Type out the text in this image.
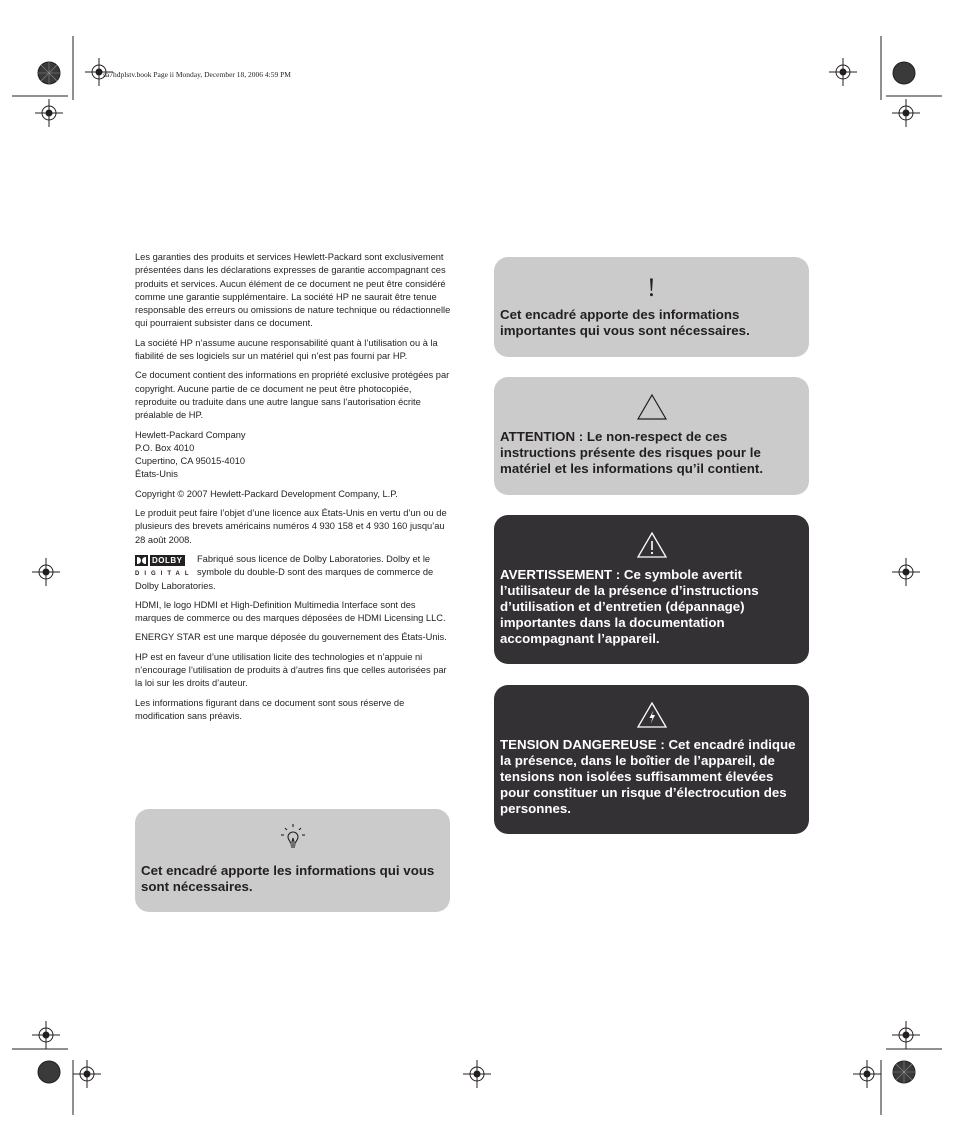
sa7hdplstv.book Page ii Monday, December 18, 2006 4:59 PM

Les garanties des produits et services Hewlett-Packard sont exclusivement présentées dans les déclarations expresses de garantie accompagnant ces produits et services. Aucun élément de ce document ne peut être considéré comme une garantie supplémentaire. La société HP ne saurait être tenue responsable des erreurs ou omissions de nature technique ou rédactionnelle qui pourraient subsister dans ce document.

La société HP n’assume aucune responsabilité quant à l’utilisation ou à la fiabilité de ses logiciels sur un matériel qui n’est pas fourni par HP.

Ce document contient des informations en propriété exclusive protégées par copyright. Aucune partie de ce document ne peut être photocopiée, reproduite ou traduite dans une autre langue sans l’autorisation écrite préalable de HP.

Hewlett-Packard Company
P.O. Box 4010
Cupertino, CA 95015-4010
États-Unis

Copyright © 2007 Hewlett-Packard Development Company, L.P.

Le produit peut faire l’objet d’une licence aux États-Unis en vertu d’un ou de plusieurs des brevets américains numéros 4 930 158 et 4 930 160 jusqu’au 28 août 2008.

DOLBY
DIGITAL
Fabriqué sous licence de Dolby Laboratories. Dolby et le symbole du double-D sont des marques de commerce de Dolby Laboratories.

HDMI, le logo HDMI et High-Definition Multimedia Interface sont des marques de commerce ou des marques déposées de HDMI Licensing LLC.

ENERGY STAR est une marque déposée du gouvernement des États-Unis.

HP est en faveur d’une utilisation licite des technologies et n’appuie ni n’encourage l’utilisation de produits à d’autres fins que celles autorisées par la loi sur les droits d’auteur.

Les informations figurant dans ce document sont sous réserve de modification sans préavis.

Cet encadré apporte les informations qui vous sont nécessaires.

!

Cet encadré apporte des informations importantes qui vous sont nécessaires.

ATTENTION : Le non-respect de ces instructions présente des risques pour le matériel et les informations qu’il contient.

AVERTISSEMENT : Ce symbole avertit l’utilisateur de la présence d’instructions d’utilisation et d’entretien (dépannage) importantes dans la documentation accompagnant l’appareil.

TENSION DANGEREUSE : Cet encadré indique la présence, dans le boîtier de l’appareil, de tensions non isolées suffisamment élevées pour constituer un risque d’électrocution des personnes.
